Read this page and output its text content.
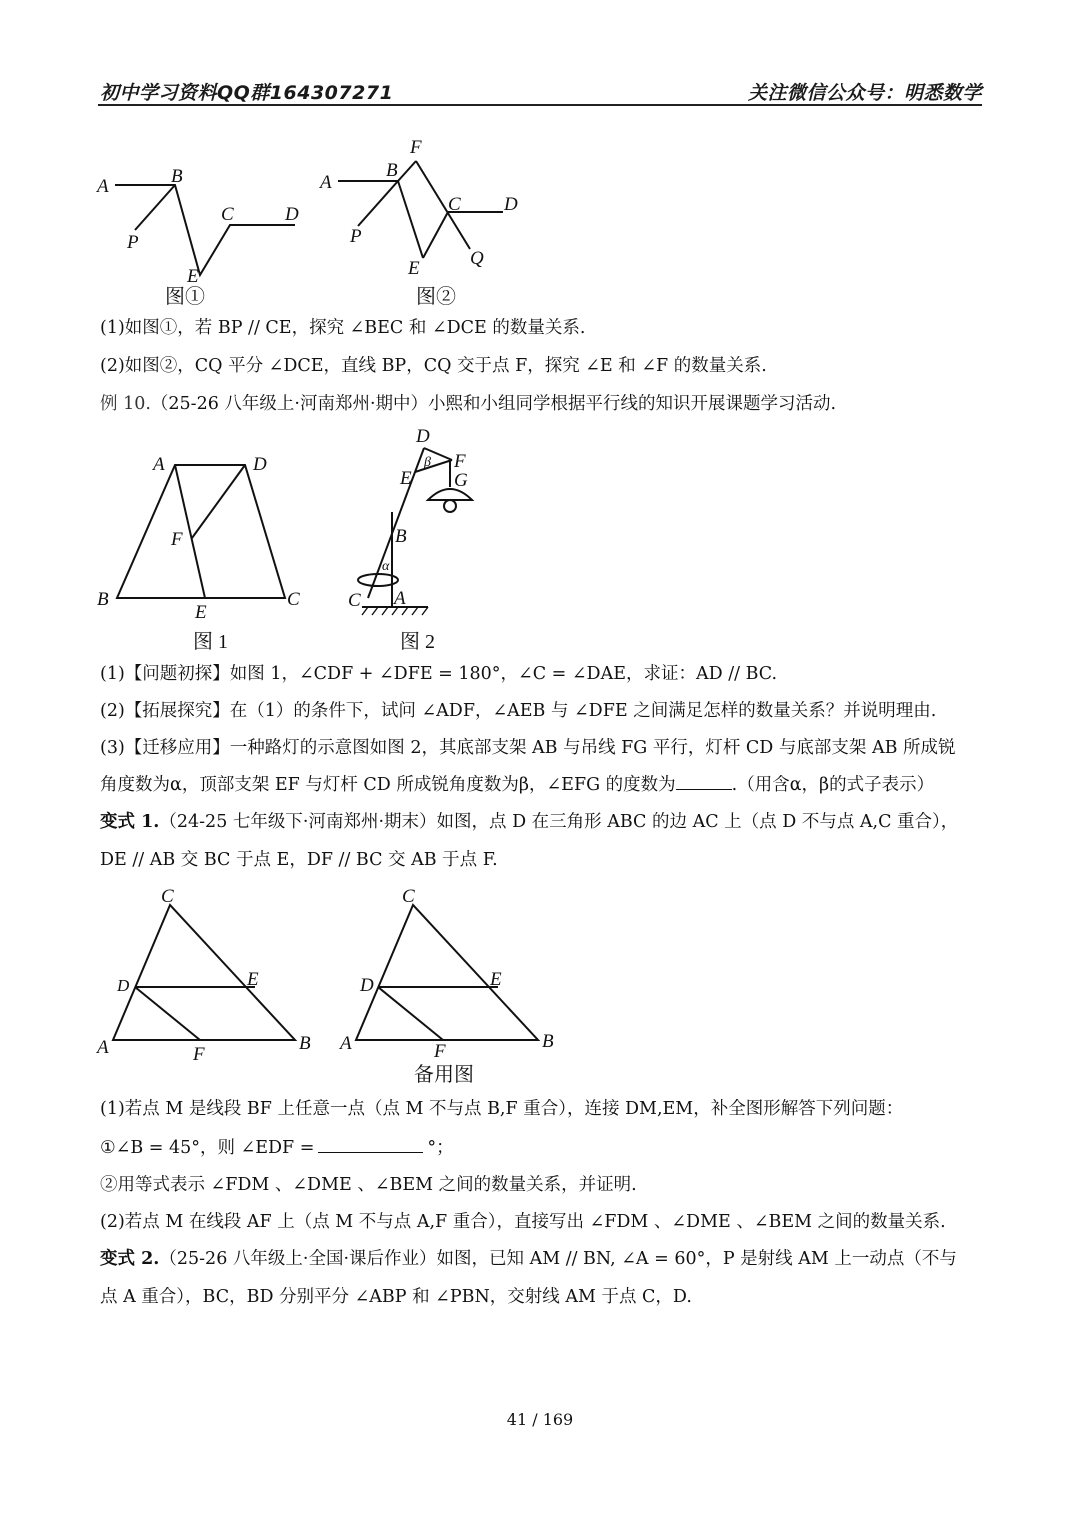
初中学习资料QQ群164307271	关注微信公众号：明悉数学
A	B
C	D
P
E
图①
F
B
A
C D
P
E	Q
图②
(1)如图①，若 BP // CE，探究 ∠BEC 和 ∠DCE 的数量关系.
(2)如图②，CQ 平分 ∠DCE，直线 BP，CQ 交于点 F，探究 ∠E 和 ∠F 的数量关系.
例 10.（25-26 八年级上·河南郑州·期中）小熙和小组同学根据平行线的知识开展课题学习活动.
A	D
F
B
E
C
图 1
D
β F
E G
B
α
C A
图 2
(1)【问题初探】如图 1，∠CDF + ∠DFE = 180°，∠C = ∠DAE，求证：AD // BC.
(2)【拓展探究】在（1）的条件下，试问 ∠ADF，∠AEB 与 ∠DFE 之间满足怎样的数量关系？并说明理由.
(3)【迁移应用】一种路灯的示意图如图 2，其底部支架 AB 与吊线 FG 平行，灯杆 CD 与底部支架 AB 所成锐
角度数为α，顶部支架 EF 与灯杆 CD 所成锐角度数为β，∠EFG 的度数为	.（用含α，β的式子表示）
变式 1.（24-25 七年级下·河南郑州·期末）如图，点 D 在三角形 ABC 的边 AC 上（点 D 不与点 A,C 重合），
DE // AB 交 BC 于点 E，DF // BC 交 AB 于点 F.
C
D	E
A	F
B
C
D	E
A	F	B
备用图
(1)若点 M 是线段 BF 上任意一点（点 M 不与点 B,F 重合），连接 DM,EM，补全图形解答下列问题：
①∠B = 45°，则 ∠EDF =	°；
②用等式表示 ∠FDM 、∠DME 、∠BEM 之间的数量关系，并证明.
(2)若点 M 在线段 AF 上（点 M 不与点 A,F 重合），直接写出 ∠FDM 、∠DME 、∠BEM 之间的数量关系.
变式 2.（25-26 八年级上·全国·课后作业）如图，已知 AM // BN, ∠A = 60°，P 是射线 AM 上一动点（不与
点 A 重合），BC，BD 分别平分 ∠ABP 和 ∠PBN，交射线 AM 于点 C，D.
41 / 169
